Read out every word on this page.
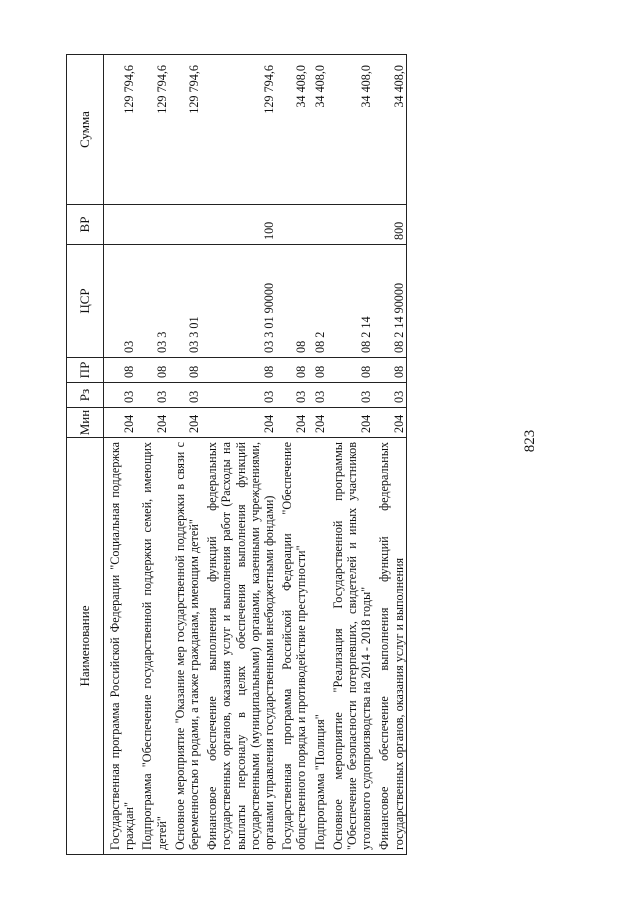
823
Наименование	Мин	Рз	ПР	ЦСР	ВР	Сумма
Государственная программа Российской Федерации "Социальная поддержка граждан"	204	03	08	03		129 794,6
Подпрограмма "Обеспечение государственной поддержки семей, имеющих детей"	204	03	08	03 3		129 794,6
Основное мероприятие "Оказание мер государственной поддержки в связи с беременностью и родами, а также гражданам, имеющим детей"	204	03	08	03 3 01		129 794,6
Финансовое обеспечение выполнения функций федеральных государственных органов, оказания услуг и выполнения работ (Расходы на выплаты персоналу в целях обеспечения выполнения функций государственными (муниципальными) органами, казенными учреждениями, органами управления государственными внебюджетными фондами)	204	03	08	03 3 01 90000	100	129 794,6
Государственная программа Российской Федерации "Обеспечение общественного порядка и противодействие преступности"	204	03	08	08		34 408,0
Подпрограмма "Полиция"	204	03	08	08 2		34 408,0
Основное мероприятие "Реализация Государственной программы "Обеспечение безопасности потерпевших, свидетелей и иных участников уголовного судопроизводства на 2014 - 2018 годы"	204	03	08	08 2 14		34 408,0
Финансовое обеспечение выполнения функций федеральных государственных органов, оказания услуг и выполнения	204	03	08	08 2 14 90000	800	34 408,0
